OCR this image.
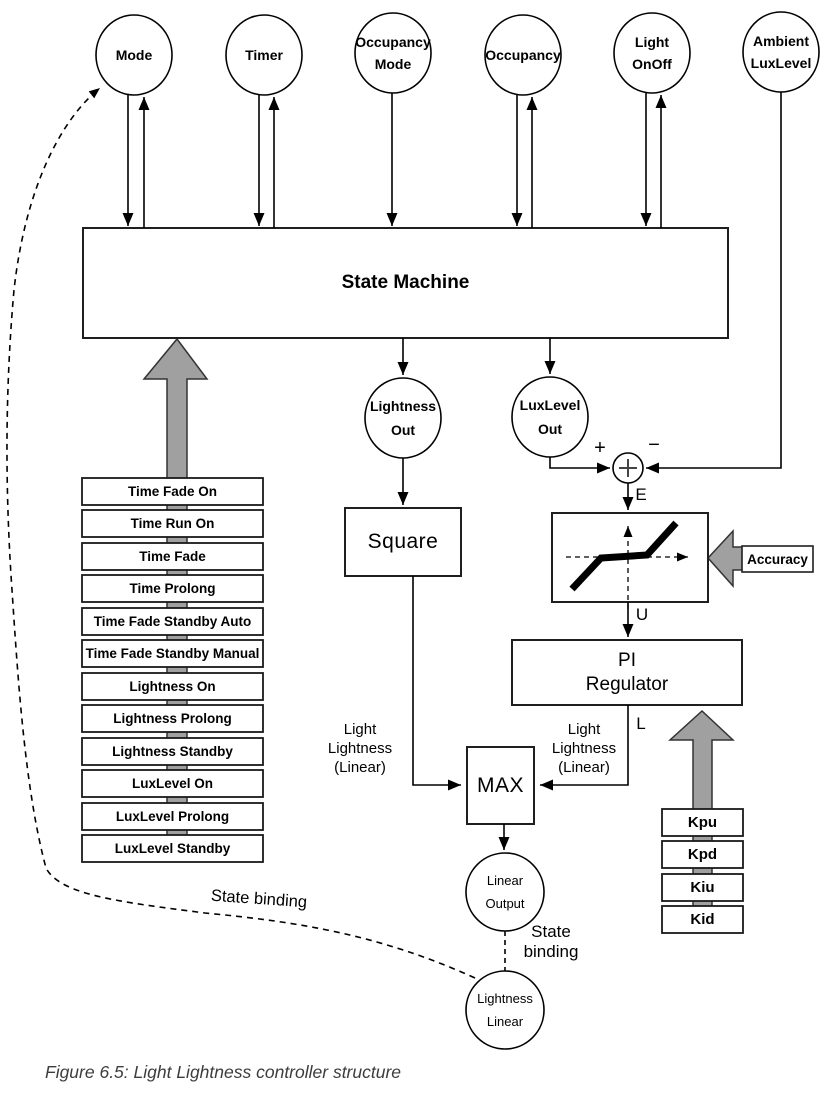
Mode	Timer
Occupancy
Mode
Occupancy
Light
OnOff
Ambient
LuxLevel
State Machine
Lightness
Out
LuxLevel
Out
+ −
E
U
L
Square
Accuracy
PI
Regulator
MAX
Time Fade On
Time Run On
Time Fade
Time Prolong
Time Fade Standby Auto
Time Fade Standby Manual
Lightness On
Lightness Prolong
Lightness Standby
LuxLevel On
LuxLevel Prolong
LuxLevel Standby
Kpu
Kpd
Kiu
Kid
Light
Lightness
(Linear)
Light
Lightness
(Linear)
Linear
Output
Lightness
Linear
State binding
State
binding
Figure 6.5: Light Lightness controller structure
